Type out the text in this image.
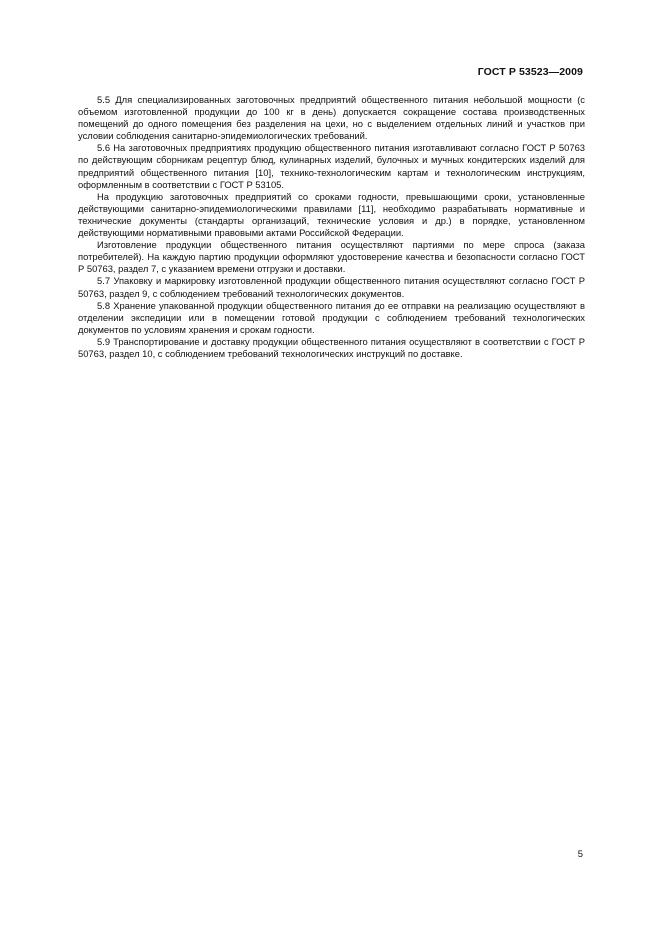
ГОСТ Р 53523—2009

5.5 Для специализированных заготовочных предприятий общественного питания небольшой мощности (с объемом изготовленной продукции до 100 кг в день) допускается сокращение состава производственных помещений до одного помещения без разделения на цехи, но с выделением отдельных линий и участков при условии соблюдения санитарно-эпидемиологических требований.

5.6 На заготовочных предприятиях продукцию общественного питания изготавливают согласно ГОСТ Р 50763 по действующим сборникам рецептур блюд, кулинарных изделий, булочных и мучных кондитерских изделий для предприятий общественного питания [10], технико-технологическим картам и технологическим инструкциям, оформленным в соответствии с ГОСТ Р 53105.

На продукцию заготовочных предприятий со сроками годности, превышающими сроки, установленные действующими санитарно-эпидемиологическими правилами [11], необходимо разрабатывать нормативные и технические документы (стандарты организаций, технические условия и др.) в порядке, установленном действующими нормативными правовыми актами Российской Федерации.

Изготовление продукции общественного питания осуществляют партиями по мере спроса (заказа потребителей). На каждую партию продукции оформляют удостоверение качества и безопасности согласно ГОСТ Р 50763, раздел 7, с указанием времени отгрузки и доставки.

5.7 Упаковку и маркировку изготовленной продукции общественного питания осуществляют согласно ГОСТ Р 50763, раздел 9, с соблюдением требований технологических документов.

5.8 Хранение упакованной продукции общественного питания до ее отправки на реализацию осуществляют в отделении экспедиции или в помещении готовой продукции с соблюдением требований технологических документов по условиям хранения и срокам годности.

5.9 Транспортирование и доставку продукции общественного питания осуществляют в соответствии с ГОСТ Р 50763, раздел 10, с соблюдением требований технологических инструкций по доставке.

5
